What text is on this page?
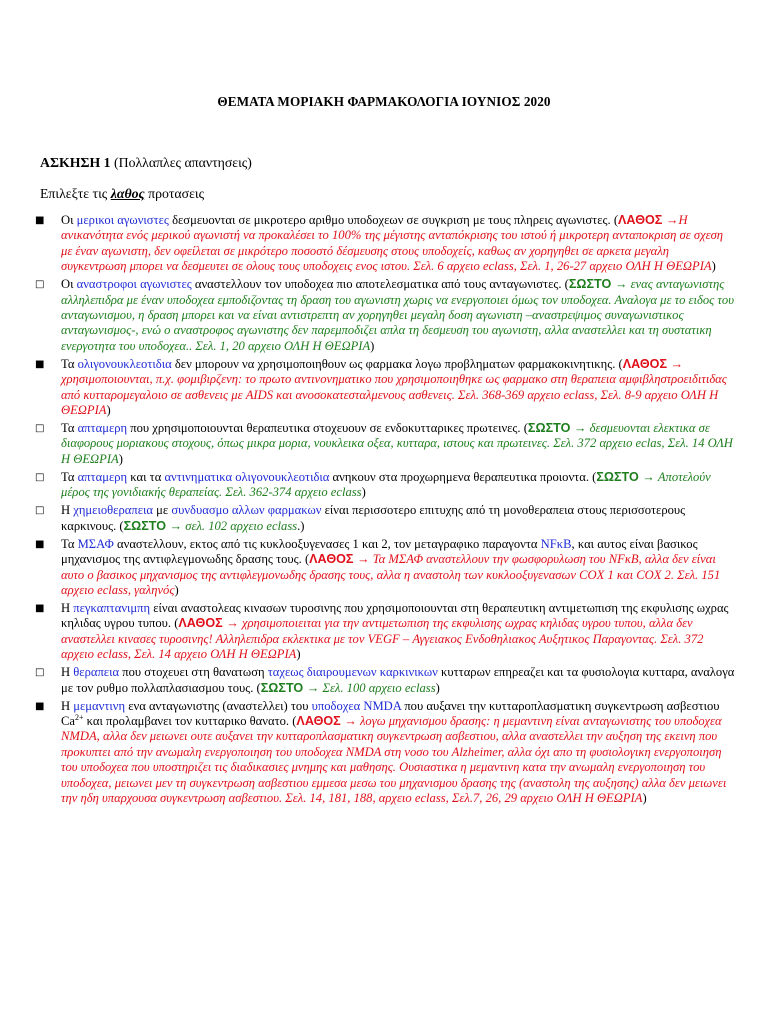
ΘΕΜΑΤΑ ΜΟΡΙΑΚΗ ΦΑΡΜΑΚΟΛΟΓΙΑ ΙΟΥΝΙΟΣ 2020
ΑΣΚΗΣΗ 1 (Πολλαπλες απαντησεις)
Επιλεξτε τις λαθος προτασεις
■
Οι μερικοι αγωνιστες δεσμευονται σε μικροτερο αριθμο υποδοχεων σε συγκριση με τους πληρεις αγωνιστες. (ΛΑΘΟΣ →Η ανικανότητα ενός μερικού αγωνιστή να προκαλέσει το 100% της μέγιστης ανταπόκρισης του ιστού ή μικροτερη ανταποκριση σε σχεση με έναν αγωνιστη, δεν οφείλεται σε μικρότερο ποσοστό δέσμευσης στους υποδοχείς, καθως αν χορηγηθει σε αρκετα μεγαλη συγκεντρωση μπορει να δεσμευτει σε ολους τους υποδοχεις ενος ιστου. Σελ. 6 αρχειο eclass, Σελ. 1, 26-27 αρχειο ΟΛΗ Η ΘΕΩΡΙΑ)
□
Οι αναστροφοι αγωνιστες αναστελλουν τον υποδοχεα πιο αποτελεσματικα από τους ανταγωνιστες. (ΣΩΣΤΟ → ενας ανταγωνιστης αλληλεπιδρα με έναν υποδοχεα εμποδιζοντας τη δραση του αγωνιστη χωρις να ενεργοποιει όμως τον υποδοχεα. Αναλογα με το ειδος του ανταγωνισμου, η δραση μπορει και να είναι αντιστρεπτη αν χορηγηθει μεγαλη δοση αγωνιστη –αναστρεψιμος συναγωνιστικος ανταγωνισμος-, ενώ ο αναστροφος αγωνιστης δεν παρεμποδιζει απλα τη δεσμευση του αγωνιστη, αλλα αναστελλει και τη συστατικη ενεργοτητα του υποδοχεα.. Σελ. 1, 20 αρχειο ΟΛΗ Η ΘΕΩΡΙΑ)
■
Τα ολιγονουκλεοτιδια δεν μπορουν να χρησιμοποιηθουν ως φαρμακα λογω προβληματων φαρμακοκινητικης. (ΛΑΘΟΣ → χρησιμοποιουνται, π.χ. φομιβιρζενη: το πρωτο αντινονηματικο που χρησιμοποιηθηκε ως φαρμακο στη θεραπεια αμφιβληστροειδιτιδας από κυτταρομεγαλοιο σε ασθενεις με AIDS και ανοσοκατεσταλμενους ασθενεις. Σελ. 368-369 αρχειο eclass, Σελ. 8-9 αρχειο ΟΛΗ Η ΘΕΩΡΙΑ)
□
Τα απταμερη που χρησιμοποιουνται θεραπευτικα στοχευουν σε ενδοκυτταρικες πρωτεινες. (ΣΩΣΤΟ → δεσμευονται ελεκτικα σε διαφορους μοριακους στοχους, όπως μικρα μορια, νουκλεικα οξεα, κυτταρα, ιστους και πρωτεινες. Σελ. 372 αρχειο eclas, Σελ. 14 ΟΛΗ Η ΘΕΩΡΙΑ)
□
Τα απταμερη και τα αντινηματικα ολιγονουκλεοτιδια ανηκουν στα προχωρημενα θεραπευτικα προιοντα. (ΣΩΣΤΟ → Αποτελούν μέρος της γονιδιακής θεραπείας. Σελ. 362-374 αρχειο eclass)
□
Η χημειοθεραπεια με συνδυασμο αλλων φαρμακων είναι περισσοτερο επιτυχης από τη μονοθεραπεια στους περισσοτερους καρκινους. (ΣΩΣΤΟ → σελ. 102 αρχειο eclass.)
■
Τα ΜΣΑΦ αναστελλουν, εκτος από τις κυκλοοξυγενασες 1 και 2, τον μεταγραφικο παραγοντα NFκB, και αυτος είναι βασικος μηχανισμος της αντιφλεγμονωδης δρασης τους. (ΛΑΘΟΣ → Τα ΜΣΑΦ αναστελλουν την φωσφορυλωση του NFκB, αλλα δεν είναι αυτο ο βασικος μηχανισμος της αντιφλεγμονωδης δρασης τους, αλλα η αναστολη των κυκλοοξυγενασων COX 1 και COX 2. Σελ. 151 αρχειο eclass, γαληνός)
■
Η πεγκαπτανιμπη είναι αναστολεας κινασων τυροσινης που χρησιμοποιουνται στη θεραπευτικη αντιμετωπιση της εκφυλισης ωχρας κηλιδας υγρου τυπου. (ΛΑΘΟΣ → χρησιμοποιειται για την αντιμετωπιση της εκφυλισης ωχρας κηλιδας υγρου τυπου, αλλα δεν αναστελλει κινασες τυροσινης! Αλληλεπιδρα εκλεκτικα με τον VEGF – Αγγειακος Ενδοθηλιακος Αυξητικος Παραγοντας. Σελ. 372 αρχειο eclass, Σελ. 14 αρχειο ΟΛΗ Η ΘΕΩΡΙΑ)
□
Η θεραπεια που στοχευει στη θανατωση ταχεως διαιρουμενων καρκινικων κυτταρων επηρεαζει και τα φυσιολογια κυτταρα, αναλογα με τον ρυθμο πολλαπλασιασμου τους. (ΣΩΣΤΟ → Σελ. 100 αρχειο eclass)
■
Η μεμαντινη ενα ανταγωνιστης (αναστελλει) του υποδοχεα NMDA που αυξανει την κυτταροπλασματικη συγκεντρωση ασβεστιου $Ca^{2+}$ και προλαμβανει τον κυτταρικο θανατο. (ΛΑΘΟΣ → λογω μηχανισμου δρασης: η μεμαντινη είναι ανταγωνιστης του υποδοχεα NMDA, αλλα δεν μειωνει ουτε αυξανει την κυτταροπλασματικη συγκεντρωση ασβεστιου, αλλα αναστελλει την αυξηση της εκεινη που προκυπτει από την ανωμαλη ενεργοποιηση του υποδοχεα NMDA στη νοσο του Alzheimer, αλλα όχι απο τη φυσιολογικη ενεργοποιηση του υποδοχεα που υποστηριζει τις διαδικασιες μνημης και μαθησης. Ουσιαστικα η μεμαντινη κατα την ανωμαλη ενεργοποιηση του υποδοχεα, μειωνει μεν τη συγκεντρωση ασβεστιου εμμεσα μεσω του μηχανισμου δρασης της (αναστολη της αυξησης) αλλα δεν μειωνει την ηδη υπαρχουσα συγκεντρωση ασβεστιου. Σελ. 14, 181, 188, αρχειο eclass, Σελ.7, 26, 29 αρχειο ΟΛΗ Η ΘΕΩΡΙΑ)
